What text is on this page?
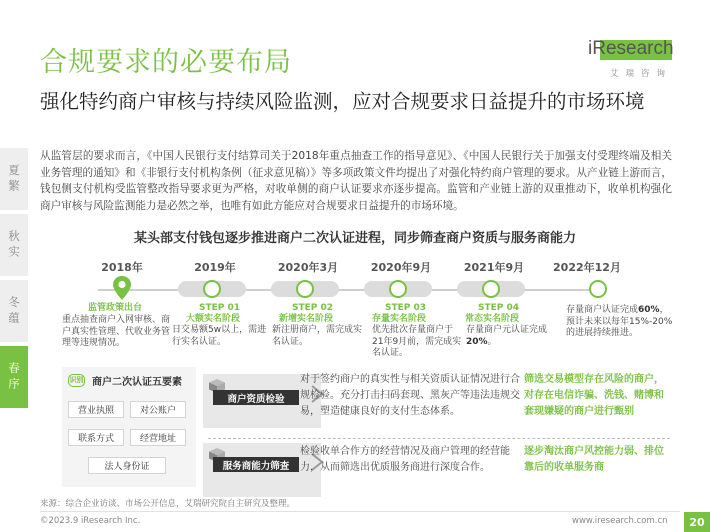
合规要求的必要布局	iResearch
艾瑞咨询
强化特约商户审核与持续风险监测，应对合规要求日益提升的市场环境
夏繁
秋实
冬蕴
春序
从监管层的要求而言，《中国人民银行支付结算司关于2018年重点抽查工作的指导意见》、《中国人民银行关于加强支付受理终端及相关业务管理的通知》和《非银行支付机构条例（征求意见稿）》等多项政策文件均提出了对强化特约商户管理的要求。从产业链上游而言，钱包侧支付机构受监管整改指导要求更为严格，对收单侧的商户认证要求亦逐步提高。监管和产业链上游的双重推动下，收单机构强化商户审核与风险监测能力是必然之举，也唯有如此方能应对合规要求日益提升的市场环境。
某头部支付钱包逐步推进商户二次认证进程，同步筛查商户资质与服务商能力
2018年	2019年	2020年3月	2020年9月	2021年9月	2022年12月
监管政策出台
重点抽查商户入网审核、商户真实性管理、代收业务管理等违规情况。
STEP 01
大额实名阶段
日交易额5w以上，需进行实名认证。
STEP 02
新增实名阶段
新注册商户，需完成实名认证。
STEP 03
存量实名阶段
优先批次存量商户于21年9月前，需完成实名认证。
STEP 04
常态实名阶段
存量商户元认证完成20%。
存量商户认证完成60%，预计未来以每年15%-20%的进展持续推进。
识别 商户二次认证五要素
营业执照	对公账户
联系方式	经营地址
法人身份证
商户资质检验
对于签约商户的真实性与相关资质认证情况进行合规检验。充分打击扫码套现、黑灰产等违法违规交易，塑造健康良好的支付生态体系。
筛选交易模型存在风险的商户，对存在电信诈骗、洗钱、赌博和套现嫌疑的商户进行甄别
服务商能力筛查
检验收单合作方的经营情况及商户管理的经营能力，从而筛选出优质服务商进行深度合作。
逐步淘汰商户风控能力弱、排位靠后的收单服务商
来源：综合企业访谈、市场公开信息，艾瑞研究院自主研究及整理。
©2023.9 iResearch Inc.	www.iresearch.com.cn	20
